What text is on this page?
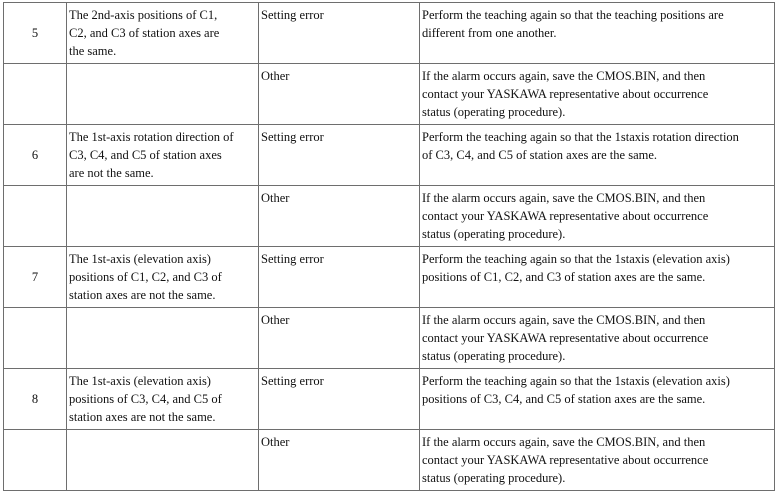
5	The 2nd-axis positions of C1,
C2, and C3 of station axes are
the same.	Setting error	Perform the teaching again so that the teaching positions are
different from one another.

		Other	If the alarm occurs again, save the CMOS.BIN, and then
contact your YASKAWA representative about occurrence
status (operating procedure).

6	The 1st-axis rotation direction of
C3, C4, and C5 of station axes
are not the same.	Setting error	Perform the teaching again so that the 1staxis rotation direction
of C3, C4, and C5 of station axes are the same.

		Other	If the alarm occurs again, save the CMOS.BIN, and then
contact your YASKAWA representative about occurrence
status (operating procedure).

7	The 1st-axis (elevation axis)
positions of C1, C2, and C3 of
station axes are not the same.	Setting error	Perform the teaching again so that the 1staxis (elevation axis)
positions of C1, C2, and C3 of station axes are the same.

		Other	If the alarm occurs again, save the CMOS.BIN, and then
contact your YASKAWA representative about occurrence
status (operating procedure).

8	The 1st-axis (elevation axis)
positions of C3, C4, and C5 of
station axes are not the same.	Setting error	Perform the teaching again so that the 1staxis (elevation axis)
positions of C3, C4, and C5 of station axes are the same.

		Other	If the alarm occurs again, save the CMOS.BIN, and then
contact your YASKAWA representative about occurrence
status (operating procedure).
